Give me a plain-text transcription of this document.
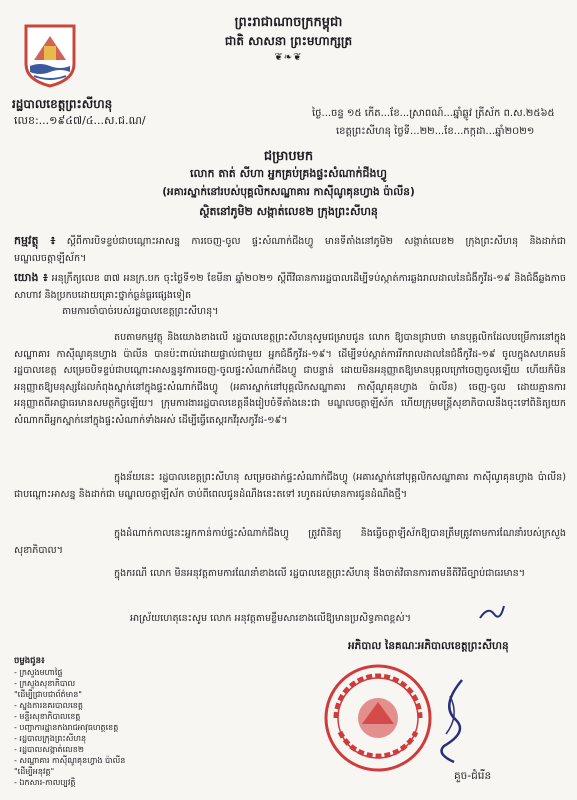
ព្រះរាជាណាចក្រកម្ពុជា
ជាតិ សាសនា ព្រះមហាក្សត្រ
❦❧❦
រដ្ឋបាលខេត្តព្រះសីហនុ
លេខ:...១៩៤៧/៤...ស.ជ.ណ/
ថ្ងៃ...ចន្ទ ១៥ កើត...ខែ...ស្រាពណ៍...ឆ្នាំឆ្លូវ ត្រីស័ក ព.ស.២៥៦៥
ខេត្តព្រះសីហនុ ថ្ងៃទី...២២...ខែ...កក្កដា...ឆ្នាំ២០២១
ជម្រាបមក
លោក តាត់ សីហា អ្នកគ្រប់គ្រងផ្ទះសំណាក់ជីងហ្វូ
(អគារស្នាក់នៅរបស់បុគ្គលិកសណ្ឋាគារ កាស៊ីណូគុនហ្វាង ប៉ាលីន)
ស្ថិតនៅភូមិ២ សង្កាត់លេខ២ ក្រុងព្រះសីហនុ
កម្មវត្ថុ ៖ ស្ដីពីការបិទខ្ទប់ជាបណ្ដោះអាសន្ន ការចេញ-ចូល ផ្ទះសំណាក់ជីងហ្វូ មានទីតាំងនៅភូមិ២ សង្កាត់លេខ២ ក្រុងព្រះសីហនុ និងដាក់ជាមណ្ឌលចត្តាឡីស័ក។
យោង ៖ អនុក្រឹត្យលេខ ៣៧ អនក្រ.បក ចុះថ្ងៃទី១២ ខែមីនា ឆ្នាំ២០២១ ស្តីពីវិធានការរដ្ឋបាលដើម្បីទប់ស្កាត់ការឆ្លងរាលដាលនៃជំងឺកូវីដ-១៩ និងជំងឺឆ្លងកាចសាហាវ និងប្រកបដោយគ្រោះថ្នាក់ធ្ងន់ធ្ងរផ្សេងទៀត
តាមការចាំបាច់របស់រដ្ឋបាលខេត្តព្រះសីហនុ។
តបតាមកម្មវត្ថុ និងយោងខាងលើ រដ្ឋបាលខេត្តព្រះសីហនុសូមជម្រាបជូន លោក ឱ្យបានជ្រាបថា មានបុគ្គលិកដែលបម្រើការនៅក្នុងសណ្ឋាគារ កាស៊ីណូគុនហ្វាង ប៉ាលីន បានប៉ះពាល់ដោយផ្ទាល់ជាមួយ អ្នកជំងឺកូវីដ-១៩។ ដើម្បីទប់ស្កាត់ការរីករាលដាលនៃជំងឺកូវីដ-១៩ ចូលក្នុងសហគមន៍ រដ្ឋបាលខេត្ត សម្រេចបិទខ្ទប់ជាបណ្តោះអាសន្ននូវការចេញ-ចូលផ្ទះសំណាក់ជីងហ្វូ ជាបន្ទាន់ ដោយមិនអនុញ្ញាតឱ្យមានបុគ្គលក្រៅចេញចូលឡើយ ហើយក៏មិនអនុញ្ញាតឱ្យមនុស្សដែលកំពុងស្នាក់នៅក្នុងផ្ទះសំណាក់ជីងហ្វូ (អគារស្នាក់នៅបុគ្គលិកសណ្ឋាគារ កាស៊ីណូគុនហ្វាង ប៉ាលីន) ចេញ-ចូល ដោយគ្មានការអនុញ្ញាតពីអាជ្ញាធរមានសមត្ថកិច្ចឡើយ។ ក្រុមការងាររដ្ឋបាលខេត្តនឹងរៀបចំទីតាំងនេះជា មណ្ឌលចត្តាឡីស័ក ហើយក្រុមមន្ត្រីសុខាភិបាលនឹងចុះទៅពិនិត្យយកសំណាកពីអ្នកស្នាក់នៅក្នុងផ្ទះសំណាក់ទាំងអស់ ដើម្បីធ្វើតេស្តរកវីរុសកូវីដ-១៩។
ក្នុងន័យនេះ រដ្ឋបាលខេត្តព្រះសីហនុ សម្រេចដាក់ផ្ទះសំណាក់ជីងហ្វូ (អគារស្នាក់នៅបុគ្គលិកសណ្ឋាគារ កាស៊ីណូគុនហ្វាង ប៉ាលីន) ជាបណ្ដោះអាសន្ន និងដាក់ជា មណ្ឌលចត្តាឡីស័ក ចាប់ពីពេលជូនដំណឹងនេះតទៅ រហូតដល់មានការជូនដំណឹងថ្មី។
ក្នុងដំណាក់កាលនេះអ្នកកាន់កាប់ផ្ទះសំណាក់ជីងហ្វូ ត្រូវពិនិត្យ និងធ្វើចត្តាឡីស័កឱ្យបានត្រឹមត្រូវតាមការណែនាំរបស់ក្រសួងសុខាភិបាល។
ក្នុងករណី លោក មិនអនុវត្តតាមការណែនាំខាងលើ រដ្ឋបាលខេត្តព្រះសីហនុ នឹងចាត់វិធានការតាមនីតិវិធីច្បាប់ជាធរមាន។
អាស្រ័យហេតុនេះសូម លោក អនុវត្តតាមខ្លឹមសារខាងលើឱ្យមានប្រសិទ្ធភាពខ្ពស់។
អភិបាល នៃគណៈអភិបាលខេត្តព្រះសីហនុ
ចម្លងជូន៖
- ក្រសួងមហាផ្ទៃ
- ក្រសួងសុខាភិបាល
"ដើម្បីជ្រាបជាព័ត៌មាន"
- ស្នងការនគរបាលខេត្ត
- មន្ទីរសុខាភិបាលខេត្ត
- បញ្ជាការដ្ឋានកងរាជអាវុធហត្ថខេត្ត
- រដ្ឋបាលក្រុងព្រះសីហនុ
- រដ្ឋបាលសង្កាត់លេខ២
- សណ្ឋាគារ កាស៊ីណូគុនហ្វាង ប៉ាលីន
"ដើម្បីអនុវត្ត"
- ឯកសារ-កាលប្បវត្តិ
គួច-ជំរើន
